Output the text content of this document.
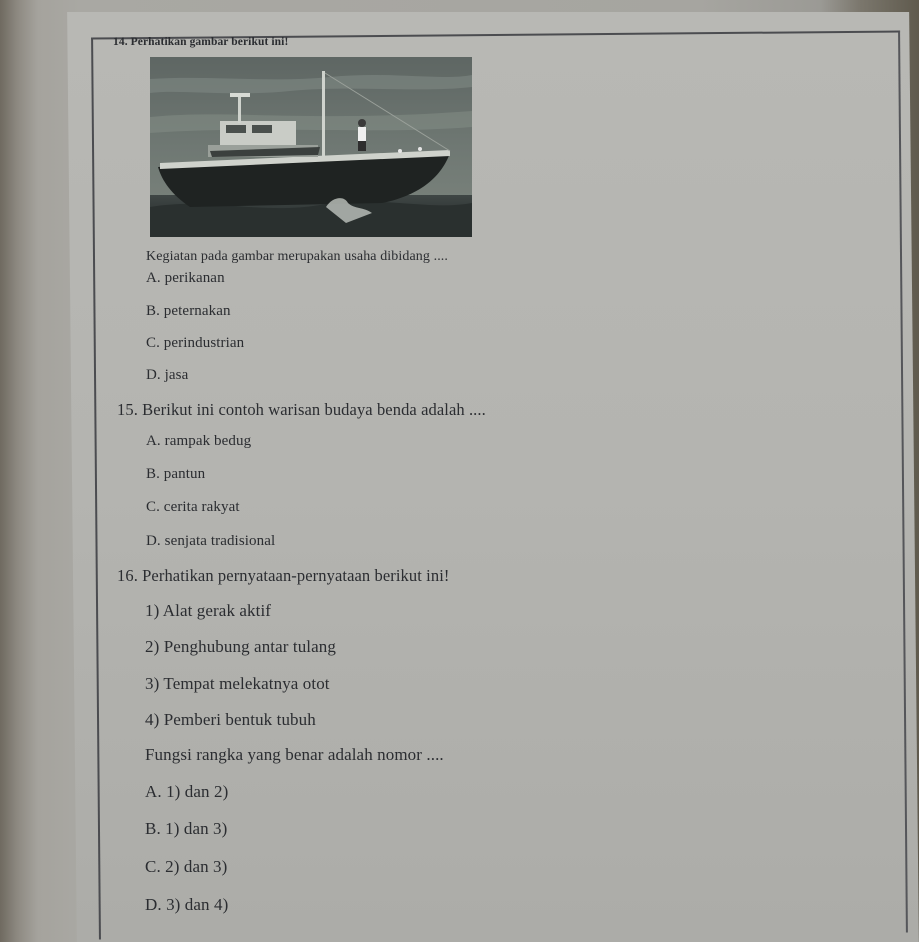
14. Perhatikan gambar berikut ini!
Kegiatan pada gambar merupakan usaha dibidang ....
A. perikanan
B. peternakan
C. perindustrian
D. jasa
15. Berikut ini contoh warisan budaya benda adalah ....
A. rampak bedug
B. pantun
C. cerita rakyat
D. senjata tradisional
16. Perhatikan pernyataan-pernyataan berikut ini!
1) Alat gerak aktif
2) Penghubung antar tulang
3) Tempat melekatnya otot
4) Pemberi bentuk tubuh
Fungsi rangka yang benar adalah nomor ....
A. 1) dan 2)
B. 1) dan 3)
C. 2) dan 3)
D. 3) dan 4)
